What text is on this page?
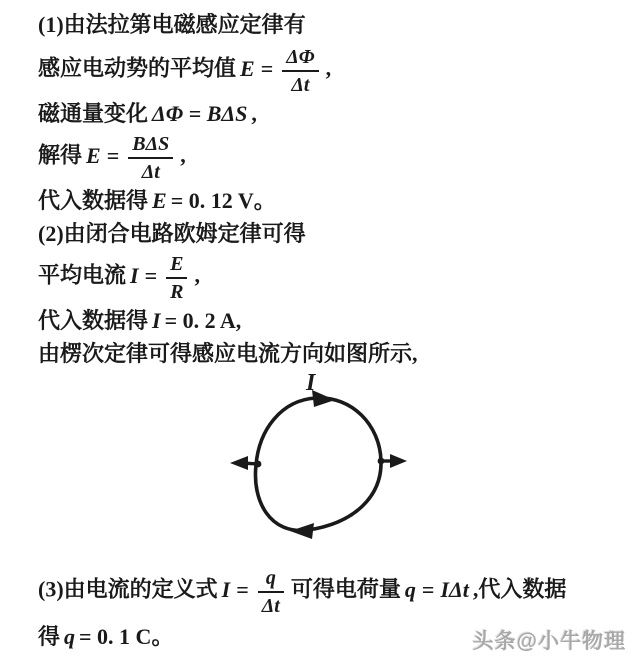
(1)由法拉第电磁感应定律有
感应电动势的平均值 $E = \frac{\Delta\Phi}{\Delta t}$ ,
磁通量变化 ΔΦ = BΔS ,
解得 $E = \frac{\text{BΔS}}{\Delta t}$ ,
代入数据得 E = 0. 12 V。
(2)由闭合电路欧姆定律可得
平均电流 $I = \frac{E}{R}$ ,
代入数据得 I = 0. 2 A,
由楞次定律可得感应电流方向如图所示,
I
(3)由电流的定义式 $I = \frac{q}{\Delta t}$ 可得电荷量 q = IΔt ,代入数据
得 q = 0. 1 C。	头条@小牛物理
